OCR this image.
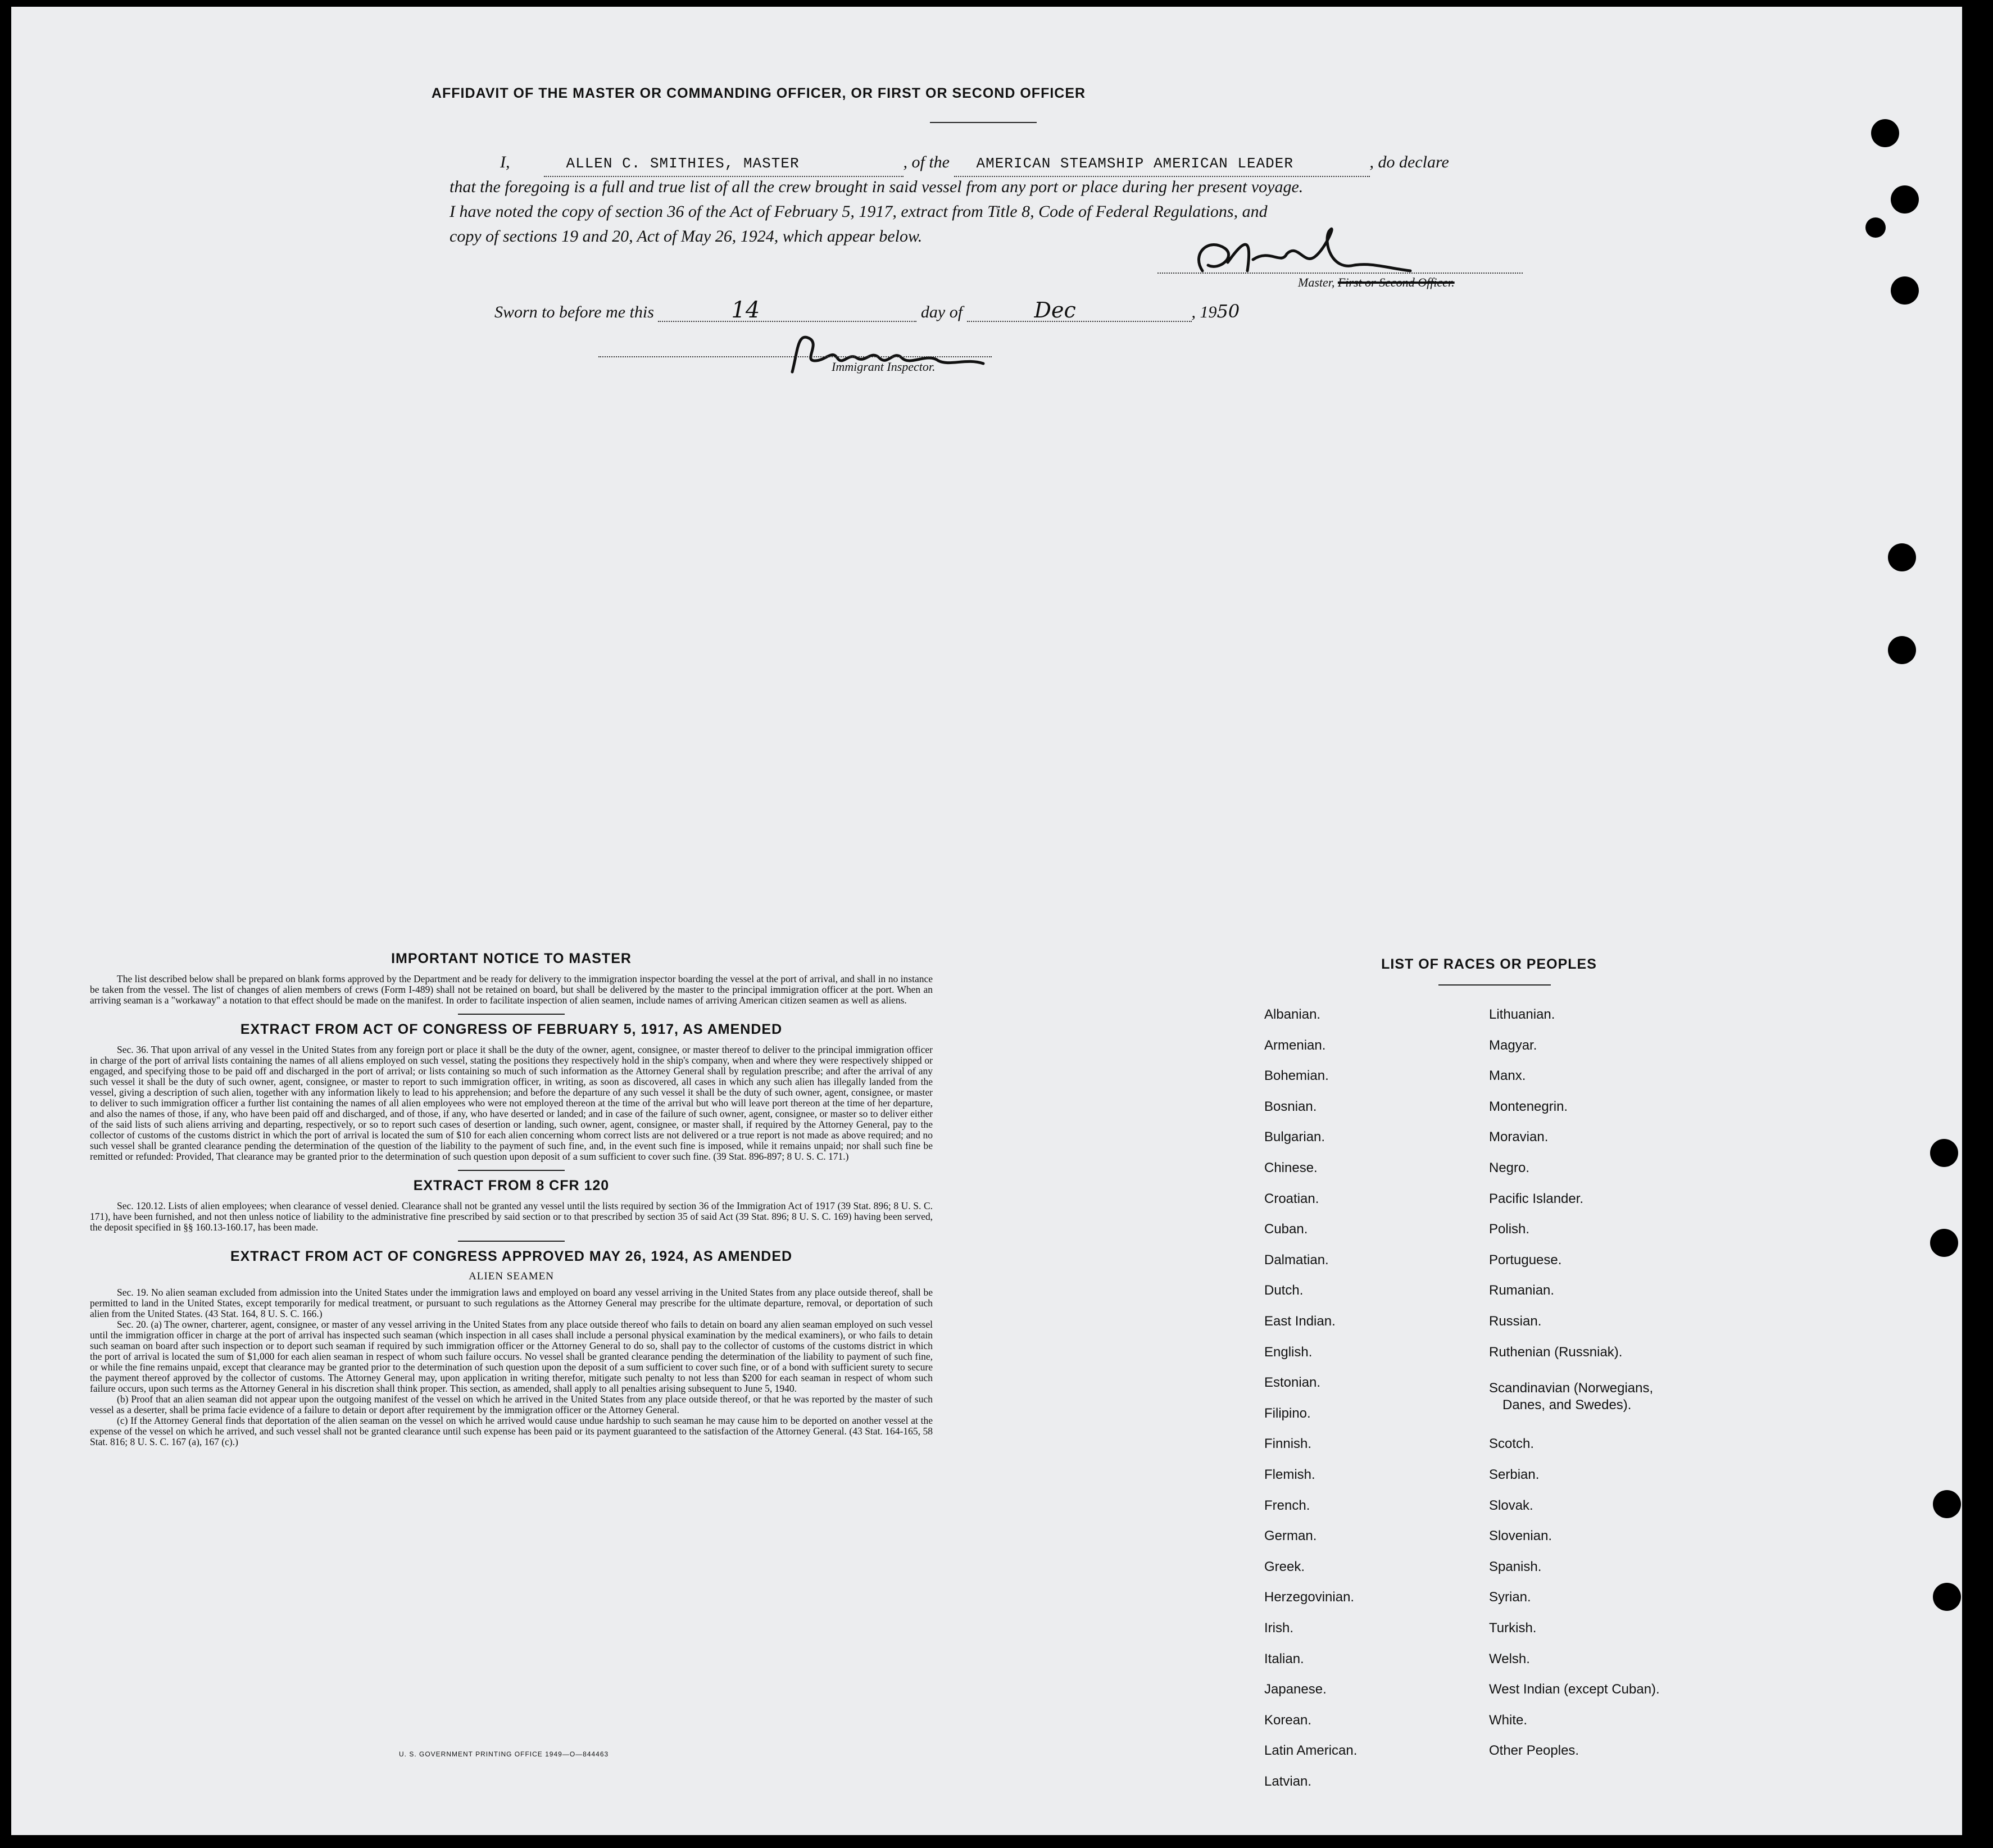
AFFIDAVIT OF THE MASTER OR COMMANDING OFFICER, OR FIRST OR SECOND OFFICER
I,	ALLEN C. SMITHIES, MASTER	, of the AMERICAN STEAMSHIP AMERICAN LEADER	, do declare
that the foregoing is a full and true list of all the crew brought in said vessel from any port or place during her present voyage.
I have noted the copy of section 36 of the Act of February 5, 1917, extract from Title 8, Code of Federal Regulations, and
copy of sections 19 and 20, Act of May 26, 1924, which appear below.
Master, First or Second Officer.
Sworn to before me this	14	day of	Dec	, 1950
Immigrant Inspector.
IMPORTANT NOTICE TO MASTER

The list described below shall be prepared on blank forms approved by the Department and be ready for delivery to the immigration inspector boarding the vessel at the port of arrival, and shall in no instance be taken from the vessel. The list of changes of alien members of crews (Form I-489) shall not be retained on board, but shall be delivered by the master to the principal immigration officer at the port. When an arriving seaman is a "workaway" a notation to that effect should be made on the manifest. In order to facilitate inspection of alien seamen, include names of arriving American citizen seamen as well as aliens.

EXTRACT FROM ACT OF CONGRESS OF FEBRUARY 5, 1917, AS AMENDED

Sec. 36. That upon arrival of any vessel in the United States from any foreign port or place it shall be the duty of the owner, agent, consignee, or master thereof to deliver to the principal immigration officer in charge of the port of arrival lists containing the names of all aliens employed on such vessel, stating the positions they respectively hold in the ship's company, when and where they were respectively shipped or engaged, and specifying those to be paid off and discharged in the port of arrival; or lists containing so much of such information as the Attorney General shall by regulation prescribe; and after the arrival of any such vessel it shall be the duty of such owner, agent, consignee, or master to report to such immigration officer, in writing, as soon as discovered, all cases in which any such alien has illegally landed from the vessel, giving a description of such alien, together with any information likely to lead to his apprehension; and before the departure of any such vessel it shall be the duty of such owner, agent, consignee, or master to deliver to such immigration officer a further list containing the names of all alien employees who were not employed thereon at the time of the arrival but who will leave port thereon at the time of her departure, and also the names of those, if any, who have been paid off and discharged, and of those, if any, who have deserted or landed; and in case of the failure of such owner, agent, consignee, or master so to deliver either of the said lists of such aliens arriving and departing, respectively, or so to report such cases of desertion or landing, such owner, agent, consignee, or master shall, if required by the Attorney General, pay to the collector of customs of the customs district in which the port of arrival is located the sum of $10 for each alien concerning whom correct lists are not delivered or a true report is not made as above required; and no such vessel shall be granted clearance pending the determination of the question of the liability to the payment of such fine, and, in the event such fine is imposed, while it remains unpaid; nor shall such fine be remitted or refunded: Provided, That clearance may be granted prior to the determination of such question upon deposit of a sum sufficient to cover such fine. (39 Stat. 896-897; 8 U. S. C. 171.)

EXTRACT FROM 8 CFR 120

Sec. 120.12. Lists of alien employees; when clearance of vessel denied. Clearance shall not be granted any vessel until the lists required by section 36 of the Immigration Act of 1917 (39 Stat. 896; 8 U. S. C. 171), have been furnished, and not then unless notice of liability to the administrative fine prescribed by said section or to that prescribed by section 35 of said Act (39 Stat. 896; 8 U. S. C. 169) having been served, the deposit specified in §§ 160.13-160.17, has been made.

EXTRACT FROM ACT OF CONGRESS APPROVED MAY 26, 1924, AS AMENDED
ALIEN SEAMEN

Sec. 19. No alien seaman excluded from admission into the United States under the immigration laws and employed on board any vessel arriving in the United States from any place outside thereof, shall be permitted to land in the United States, except temporarily for medical treatment, or pursuant to such regulations as the Attorney General may prescribe for the ultimate departure, removal, or deportation of such alien from the United States. (43 Stat. 164, 8 U. S. C. 166.)

Sec. 20. (a) The owner, charterer, agent, consignee, or master of any vessel arriving in the United States from any place outside thereof who fails to detain on board any alien seaman employed on such vessel until the immigration officer in charge at the port of arrival has inspected such seaman (which inspection in all cases shall include a personal physical examination by the medical examiners), or who fails to detain such seaman on board after such inspection or to deport such seaman if required by such immigration officer or the Attorney General to do so, shall pay to the collector of customs of the customs district in which the port of arrival is located the sum of $1,000 for each alien seaman in respect of whom such failure occurs. No vessel shall be granted clearance pending the determination of the liability to payment of such fine, or while the fine remains unpaid, except that clearance may be granted prior to the determination of such question upon the deposit of a sum sufficient to cover such fine, or of a bond with sufficient surety to secure the payment thereof approved by the collector of customs. The Attorney General may, upon application in writing therefor, mitigate such penalty to not less than $200 for each seaman in respect of whom such failure occurs, upon such terms as the Attorney General in his discretion shall think proper. This section, as amended, shall apply to all penalties arising subsequent to June 5, 1940.

(b) Proof that an alien seaman did not appear upon the outgoing manifest of the vessel on which he arrived in the United States from any place outside thereof, or that he was reported by the master of such vessel as a deserter, shall be prima facie evidence of a failure to detain or deport after requirement by the immigration officer or the Attorney General.

(c) If the Attorney General finds that deportation of the alien seaman on the vessel on which he arrived would cause undue hardship to such seaman he may cause him to be deported on another vessel at the expense of the vessel on which he arrived, and such vessel shall not be granted clearance until such expense has been paid or its payment guaranteed to the satisfaction of the Attorney General. (43 Stat. 164-165, 58 Stat. 816; 8 U. S. C. 167 (a), 167 (c).)

U. S. GOVERNMENT PRINTING OFFICE 1949—O—844463
LIST OF RACES OR PEOPLES
Albanian.
Armenian.
Bohemian.
Bosnian.
Bulgarian.
Chinese.
Croatian.
Cuban.
Dalmatian.
Dutch.
East Indian.
English.
Estonian.
Filipino.
Finnish.
Flemish.
French.
German.
Greek.
Herzegovinian.
Irish.
Italian.
Japanese.
Korean.
Latin American.
Latvian.
Lithuanian.
Magyar.
Manx.
Montenegrin.
Moravian.
Negro.
Pacific Islander.
Polish.
Portuguese.
Rumanian.
Russian.
Ruthenian (Russniak).
Scandinavian (Norwegians,
Danes, and Swedes).
Scotch.
Serbian.
Slovak.
Slovenian.
Spanish.
Syrian.
Turkish.
Welsh.
West Indian (except Cuban).
White.
Other Peoples.
